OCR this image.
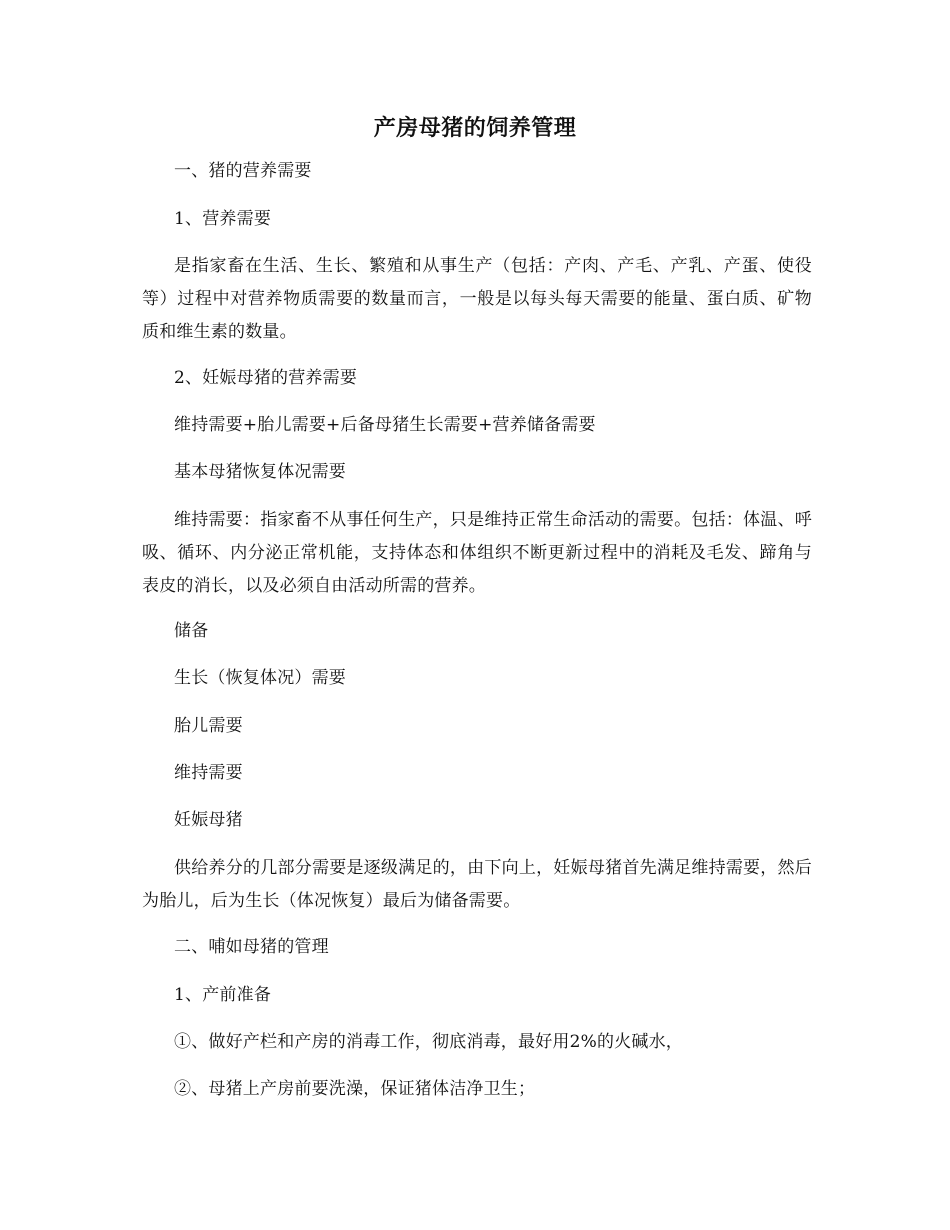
产房母猪的饲养管理

一、猪的营养需要

1、营养需要

是指家畜在生活、生长、繁殖和从事生产（包括：产肉、产毛、产乳、产蛋、使役等）过程中对营养物质需要的数量而言，一般是以每头每天需要的能量、蛋白质、矿物质和维生素的数量。

2、妊娠母猪的营养需要

维持需要+胎儿需要+后备母猪生长需要+营养储备需要

基本母猪恢复体况需要

维持需要：指家畜不从事任何生产，只是维持正常生命活动的需要。包括：体温、呼吸、循环、内分泌正常机能，支持体态和体组织不断更新过程中的消耗及毛发、蹄角与表皮的消长，以及必须自由活动所需的营养。

储备

生长（恢复体况）需要

胎儿需要

维持需要

妊娠母猪

供给养分的几部分需要是逐级满足的，由下向上，妊娠母猪首先满足维持需要，然后为胎儿，后为生长（体况恢复）最后为储备需要。

二、哺如母猪的管理

1、产前准备

①、做好产栏和产房的消毒工作，彻底消毒，最好用2%的火碱水，

②、母猪上产房前要洗澡，保证猪体洁净卫生；
